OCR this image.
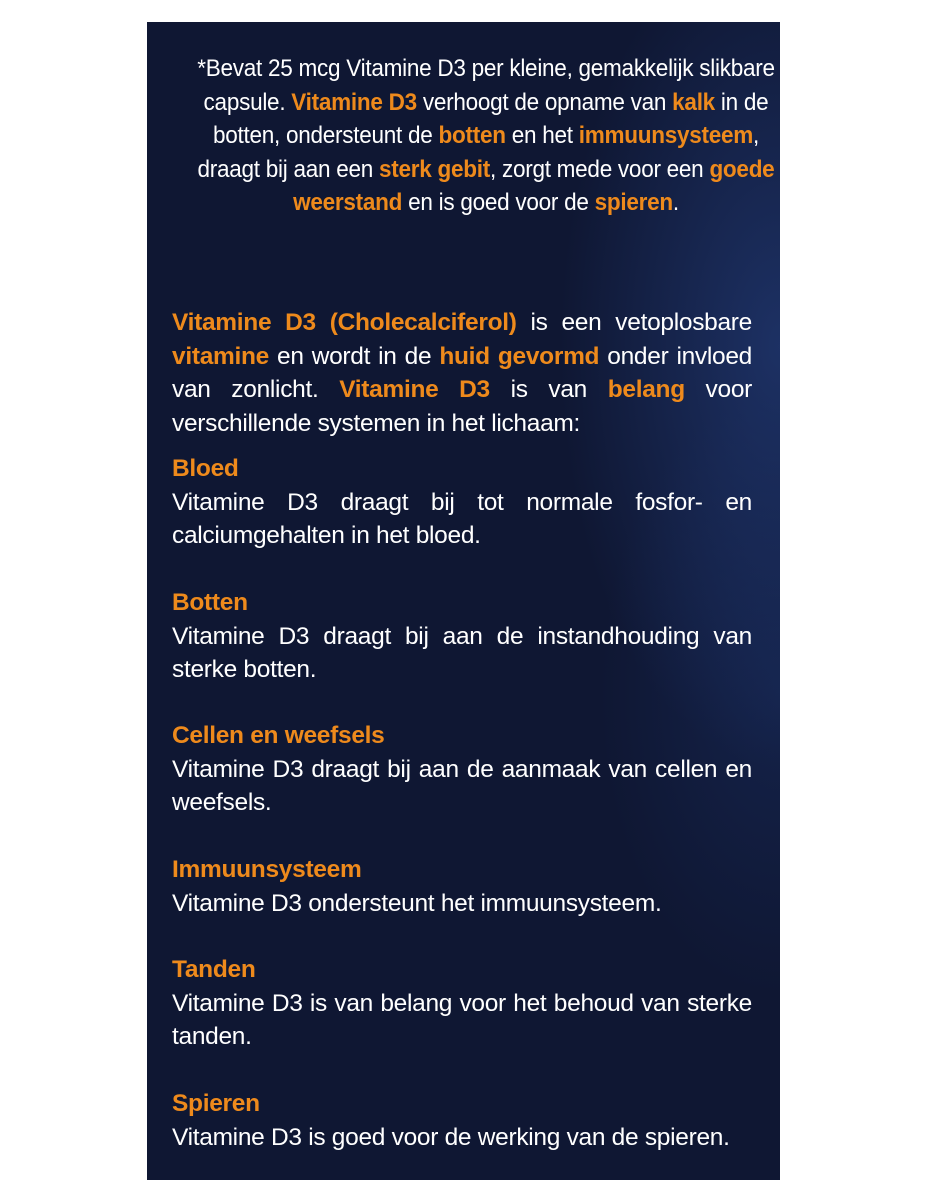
*Bevat 25 mcg Vitamine D3 per kleine, gemakkelijk slikbare capsule. Vitamine D3 verhoogt de opname van kalk in de botten, ondersteunt de botten en het immuunsysteem, draagt bij aan een sterk gebit, zorgt mede voor een goede weerstand en is goed voor de spieren.

Vitamine D3 (Cholecalciferol) is een vetoplosbare vitamine en wordt in de huid gevormd onder invloed van zonlicht. Vitamine D3 is van belang voor verschillende systemen in het lichaam:

Bloed
Vitamine D3 draagt bij tot normale fosfor- en calciumgehalten in het bloed.
Botten
Vitamine D3 draagt bij aan de instandhouding van sterke botten.
Cellen en weefsels
Vitamine D3 draagt bij aan de aanmaak van cellen en weefsels.
Immuunsysteem
Vitamine D3 ondersteunt het immuunsysteem.
Tanden
Vitamine D3 is van belang voor het behoud van sterke tanden.
Spieren
Vitamine D3 is goed voor de werking van de spieren.
